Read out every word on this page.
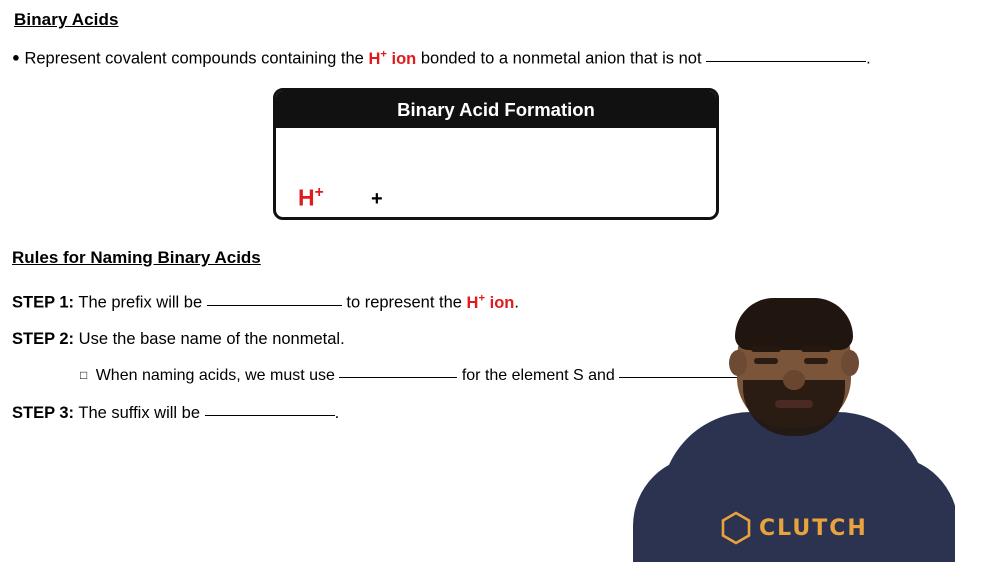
Binary Acids
● Represent covalent compounds containing the H+ ion bonded to a nonmetal anion that is not	.
Binary Acid Formation
H+ +
Rules for Naming Binary Acids
STEP 1: The prefix will be	to represent the H+ ion.
STEP 2: Use the base name of the nonmetal.
□ When naming acids, we must use	for the element S and
STEP 3: The suffix will be	.
CLUTCH
